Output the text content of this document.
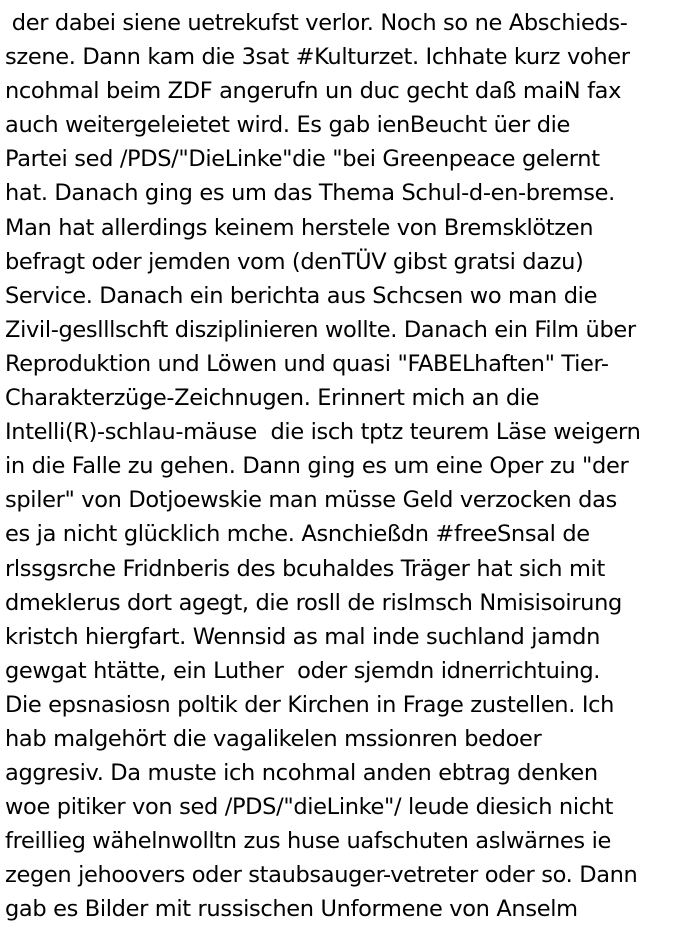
der dabei siene uetrekufst verlor. Noch so ne Abschieds-
szene. Dann kam die 3sat #Kulturzet. Ichhate kurz voher
ncohmal beim ZDF angerufn un duc gecht daß maiN fax
auch weitergeleietet wird. Es gab ienBeucht üer die
Partei sed /PDS/"DieLinke"die "bei Greenpeace gelernt
hat. Danach ging es um das Thema Schul-d-en-bremse.
Man hat allerdings keinem herstele von Bremsklötzen
befragt oder jemden vom (denTÜV gibst gratsi dazu)
Service. Danach ein berichta aus Schcsen wo man die
Zivil-geslllschft disziplinieren wollte. Danach ein Film über
Reproduktion und Löwen und quasi "FABELhaften" Tier-
Charakterzüge-Zeichnugen. Erinnert mich an die
Intelli(R)-schlau-mäuse  die isch tptz teurem Läse weigern
in die Falle zu gehen. Dann ging es um eine Oper zu "der
spiler" von Dotjoewskie man müsse Geld verzocken das
es ja nicht glücklich mche. Asnchießdn #freeSnsal de
rlssgsrche Fridnberis des bcuhaldes Träger hat sich mit
dmeklerus dort agegt, die rosll de rislmsch Nmisisoirung
kristch hiergfart. Wennsid as mal inde suchland jamdn
gewgat htätte, ein Luther  oder sjemdn idnerrichtuing.
Die epsnasiosn poltik der Kirchen in Frage zustellen. Ich
hab malgehört die vagalikelen mssionren bedoer
aggresiv. Da muste ich ncohmal anden ebtrag denken
woe pitiker von sed /PDS/"dieLinke"/ leude diesich nicht
freillieg wähelnwolltn zus huse uafschuten aslwärnes ie
zegen jehoovers oder staubsauger-vetreter oder so. Dann
gab es Bilder mit russischen Unformene von Anselm
